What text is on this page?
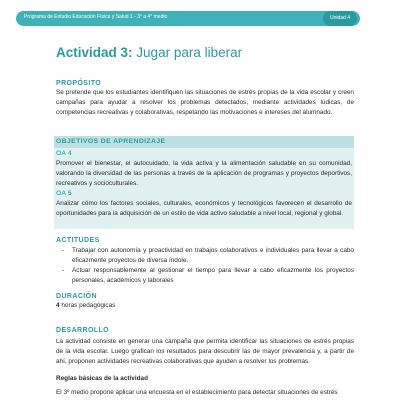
Programa de Estudio Educación Física y Salud 1 - 3° a 4° medio	Unidad 4
Actividad 3: Jugar para liberar
PROPÓSITO
Se pretende que los estudiantes identifiquen las situaciones de estrés propias de la vida escolar y creen campañas para ayudar a resolver los problemas detectados, mediante actividades lúdicas, de competencias recreativas y colaborativas, respetando las motivaciones e intereses del alumnado.
OBJETIVOS DE APRENDIZAJE
OA 4
Promover el bienestar, el autocuidado, la vida activa y la alimentación saludable en su comunidad, valorando la diversidad de las personas a través de la aplicación de programas y proyectos deportivos, recreativos y socioculturales.
OA 5
Analizar cómo los factores sociales, culturales, económicos y tecnológicos favorecen el desarrollo de oportunidades para la adquisición de un estilo de vida activo saludable a nivel local, regional y global.
ACTITUDES
- Trabajar con autonomía y proactividad en trabajos colaborativos e individuales para llevar a cabo eficazmente proyectos de diversa índole.
- Actuar responsablemente al gestionar el tiempo para llevar a cabo eficazmente los proyectos personales, académicos y laborales
DURACIÓN
4 horas pedagógicas
DESARROLLO
La actividad consiste en generar una campaña que permita identificar las situaciones de estrés propias de la vida escolar. Luego grafican los resultados para descubrir las de mayor prevalencia y, a partir de ahí, proponen actividades recreativas colaborativas que ayuden a resolver los problemas.
Reglas básicas de la actividad
El 3º medio propone aplicar una encuesta en el establecimiento para detectar situaciones de estrés
